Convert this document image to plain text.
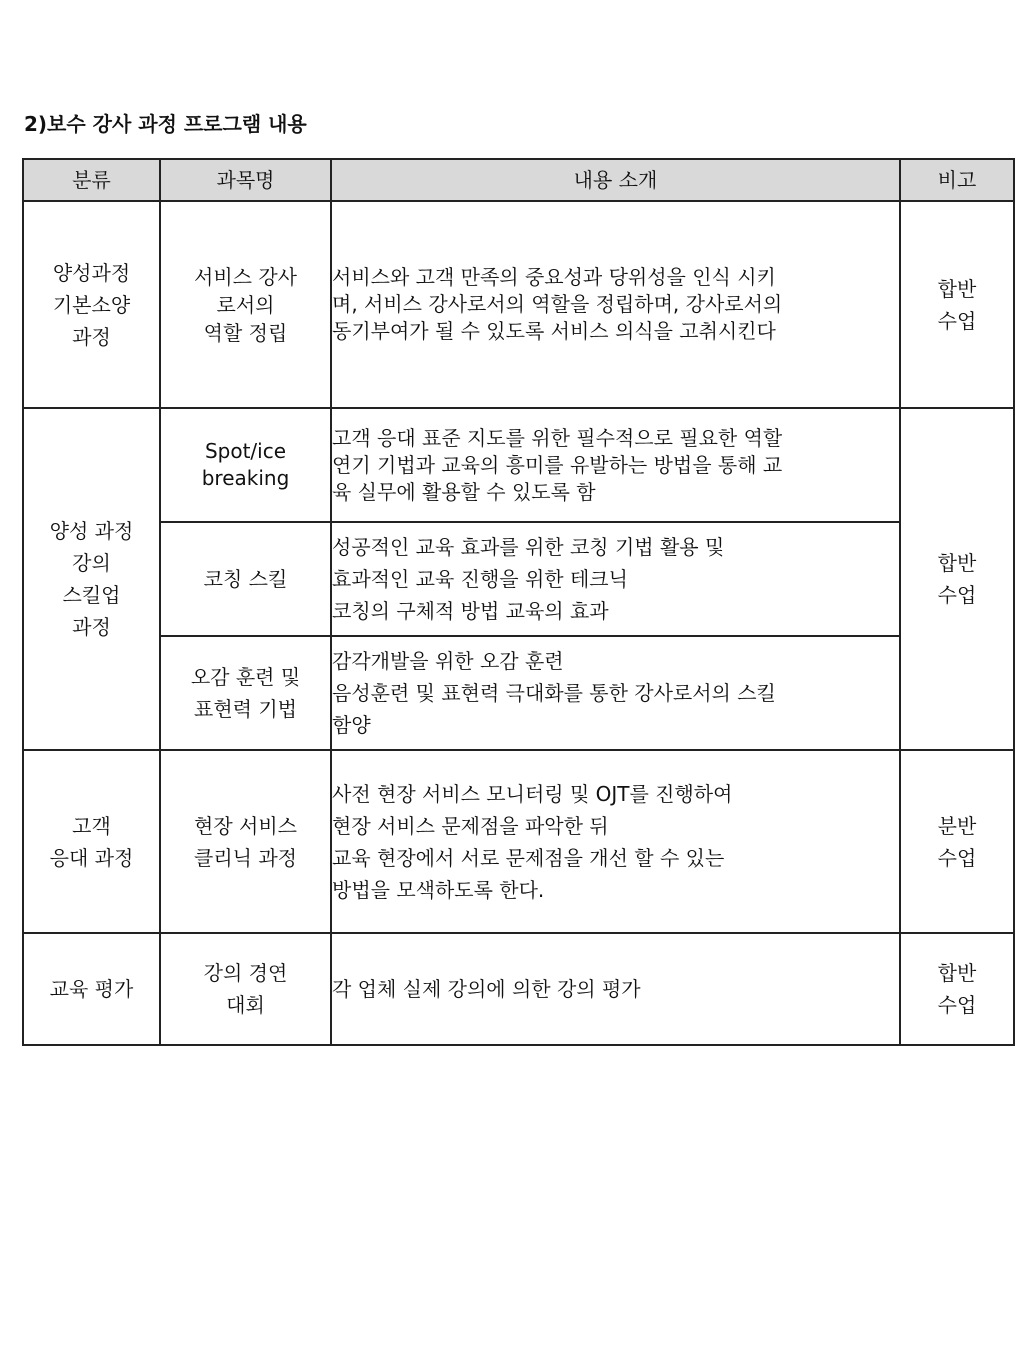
2)보수 강사 과정 프로그램 내용
분류	과목명	내용 소개	비고

양성과정
기본소양
과정	서비스 강사
로서의
역할 정립	서비스와 고객 만족의 중요성과 당위성을 인식 시키
며, 서비스 강사로서의 역할을 정립하며, 강사로서의
동기부여가 될 수 있도록 서비스 의식을 고취시킨다	합반
수업

양성 과정
강의
스킬업
과정	Spot/ice
breaking	고객 응대 표준 지도를 위한 필수적으로 필요한 역할
연기 기법과 교육의 흥미를 유발하는 방법을 통해 교
육 실무에 활용할 수 있도록 함	합반
수업

	코칭 스킬	성공적인 교육 효과를 위한 코칭 기법 활용 및
효과적인 교육 진행을 위한 테크닉
코칭의 구체적 방법 교육의 효과	

	오감 훈련 및
표현력 기법	감각개발을 위한 오감 훈련
음성훈련 및 표현력 극대화를 통한 강사로서의 스킬
함양	

고객
응대 과정	현장 서비스
클리닉 과정	사전 현장 서비스 모니터링 및 OJT를 진행하여
현장 서비스 문제점을 파악한 뒤
교육 현장에서 서로 문제점을 개선 할 수 있는
방법을 모색하도록 한다.	분반
수업

교육 평가	강의 경연
대회	각 업체 실제 강의에 의한 강의 평가	합반
수업
